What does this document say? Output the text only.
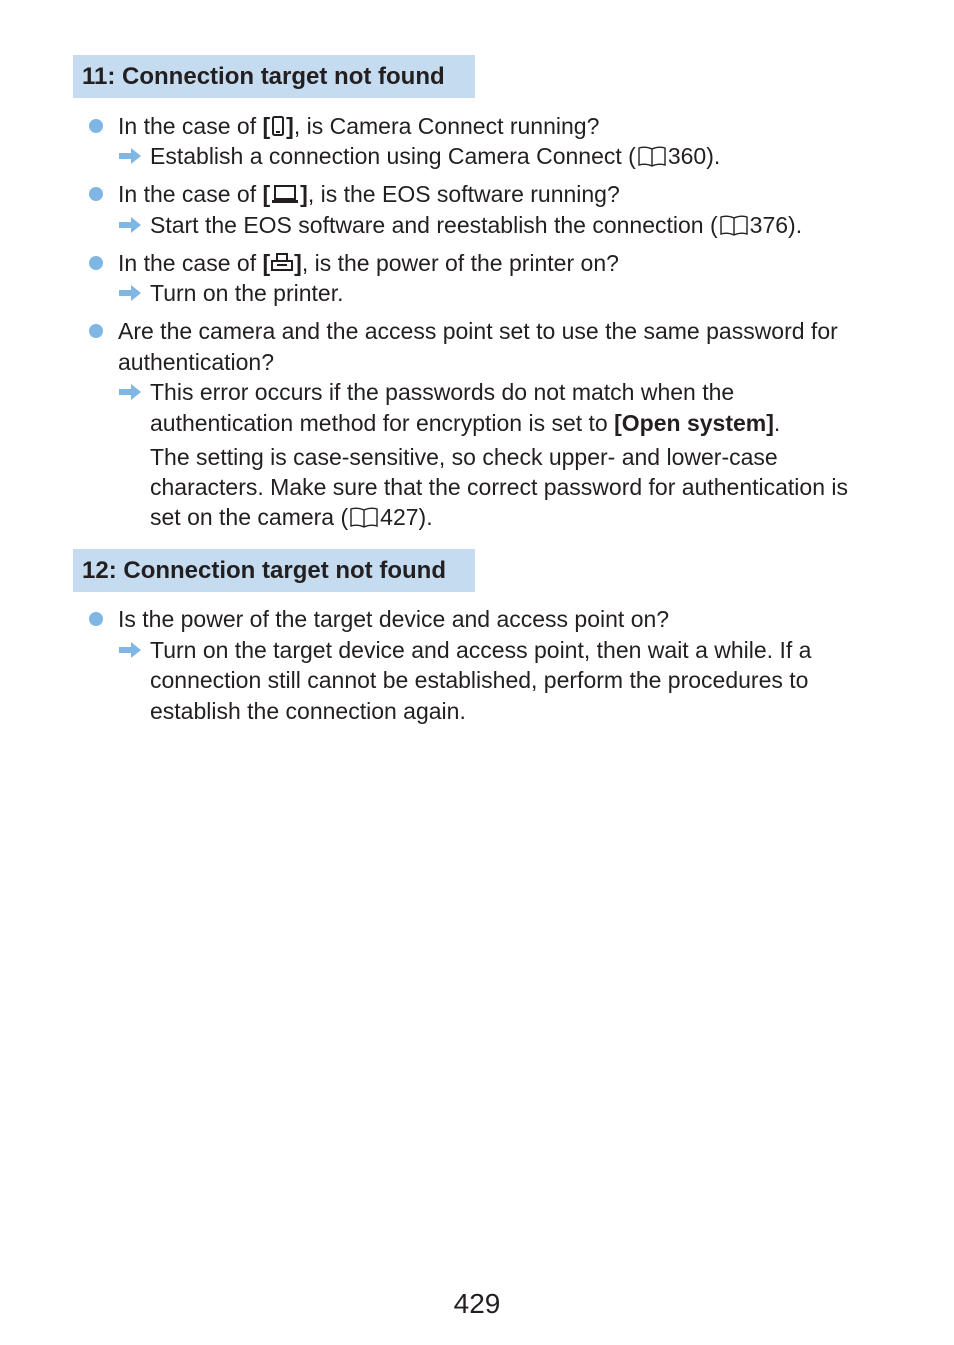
11: Connection target not found
In the case of [ ], is Camera Connect running?
Establish a connection using Camera Connect ( 360).
In the case of [ ], is the EOS software running?
Start the EOS software and reestablish the connection ( 376).
In the case of [ ], is the power of the printer on?
Turn on the printer.
Are the camera and the access point set to use the same password for
authentication?
This error occurs if the passwords do not match when the
authentication method for encryption is set to [Open system].
The setting is case-sensitive, so check upper- and lower-case
characters. Make sure that the correct password for authentication is
set on the camera ( 427).
12: Connection target not found
Is the power of the target device and access point on?
Turn on the target device and access point, then wait a while. If a
connection still cannot be established, perform the procedures to
establish the connection again.
429
